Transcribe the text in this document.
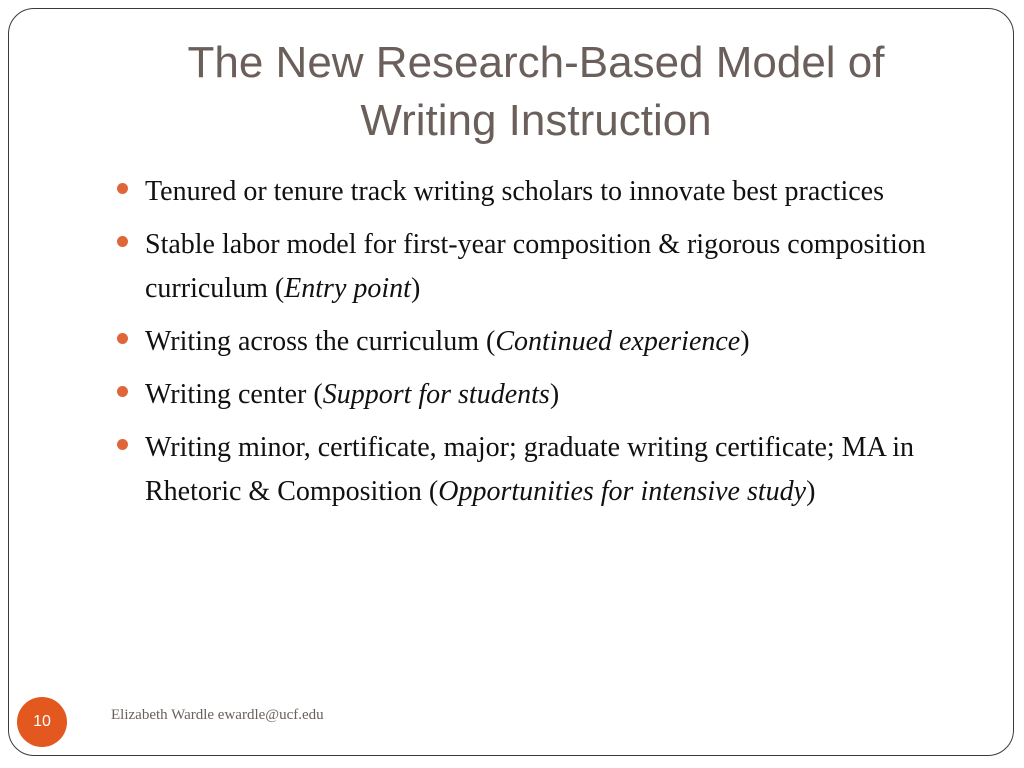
The New Research-Based Model of
Writing Instruction
Tenured or tenure track writing scholars to innovate best practices
Stable labor model for first-year composition & rigorous composition curriculum (Entry point)
Writing across the curriculum (Continued experience)
Writing center (Support for students)
Writing minor, certificate, major; graduate writing certificate; MA in Rhetoric & Composition (Opportunities for intensive study)
10	Elizabeth Wardle ewardle@ucf.edu
